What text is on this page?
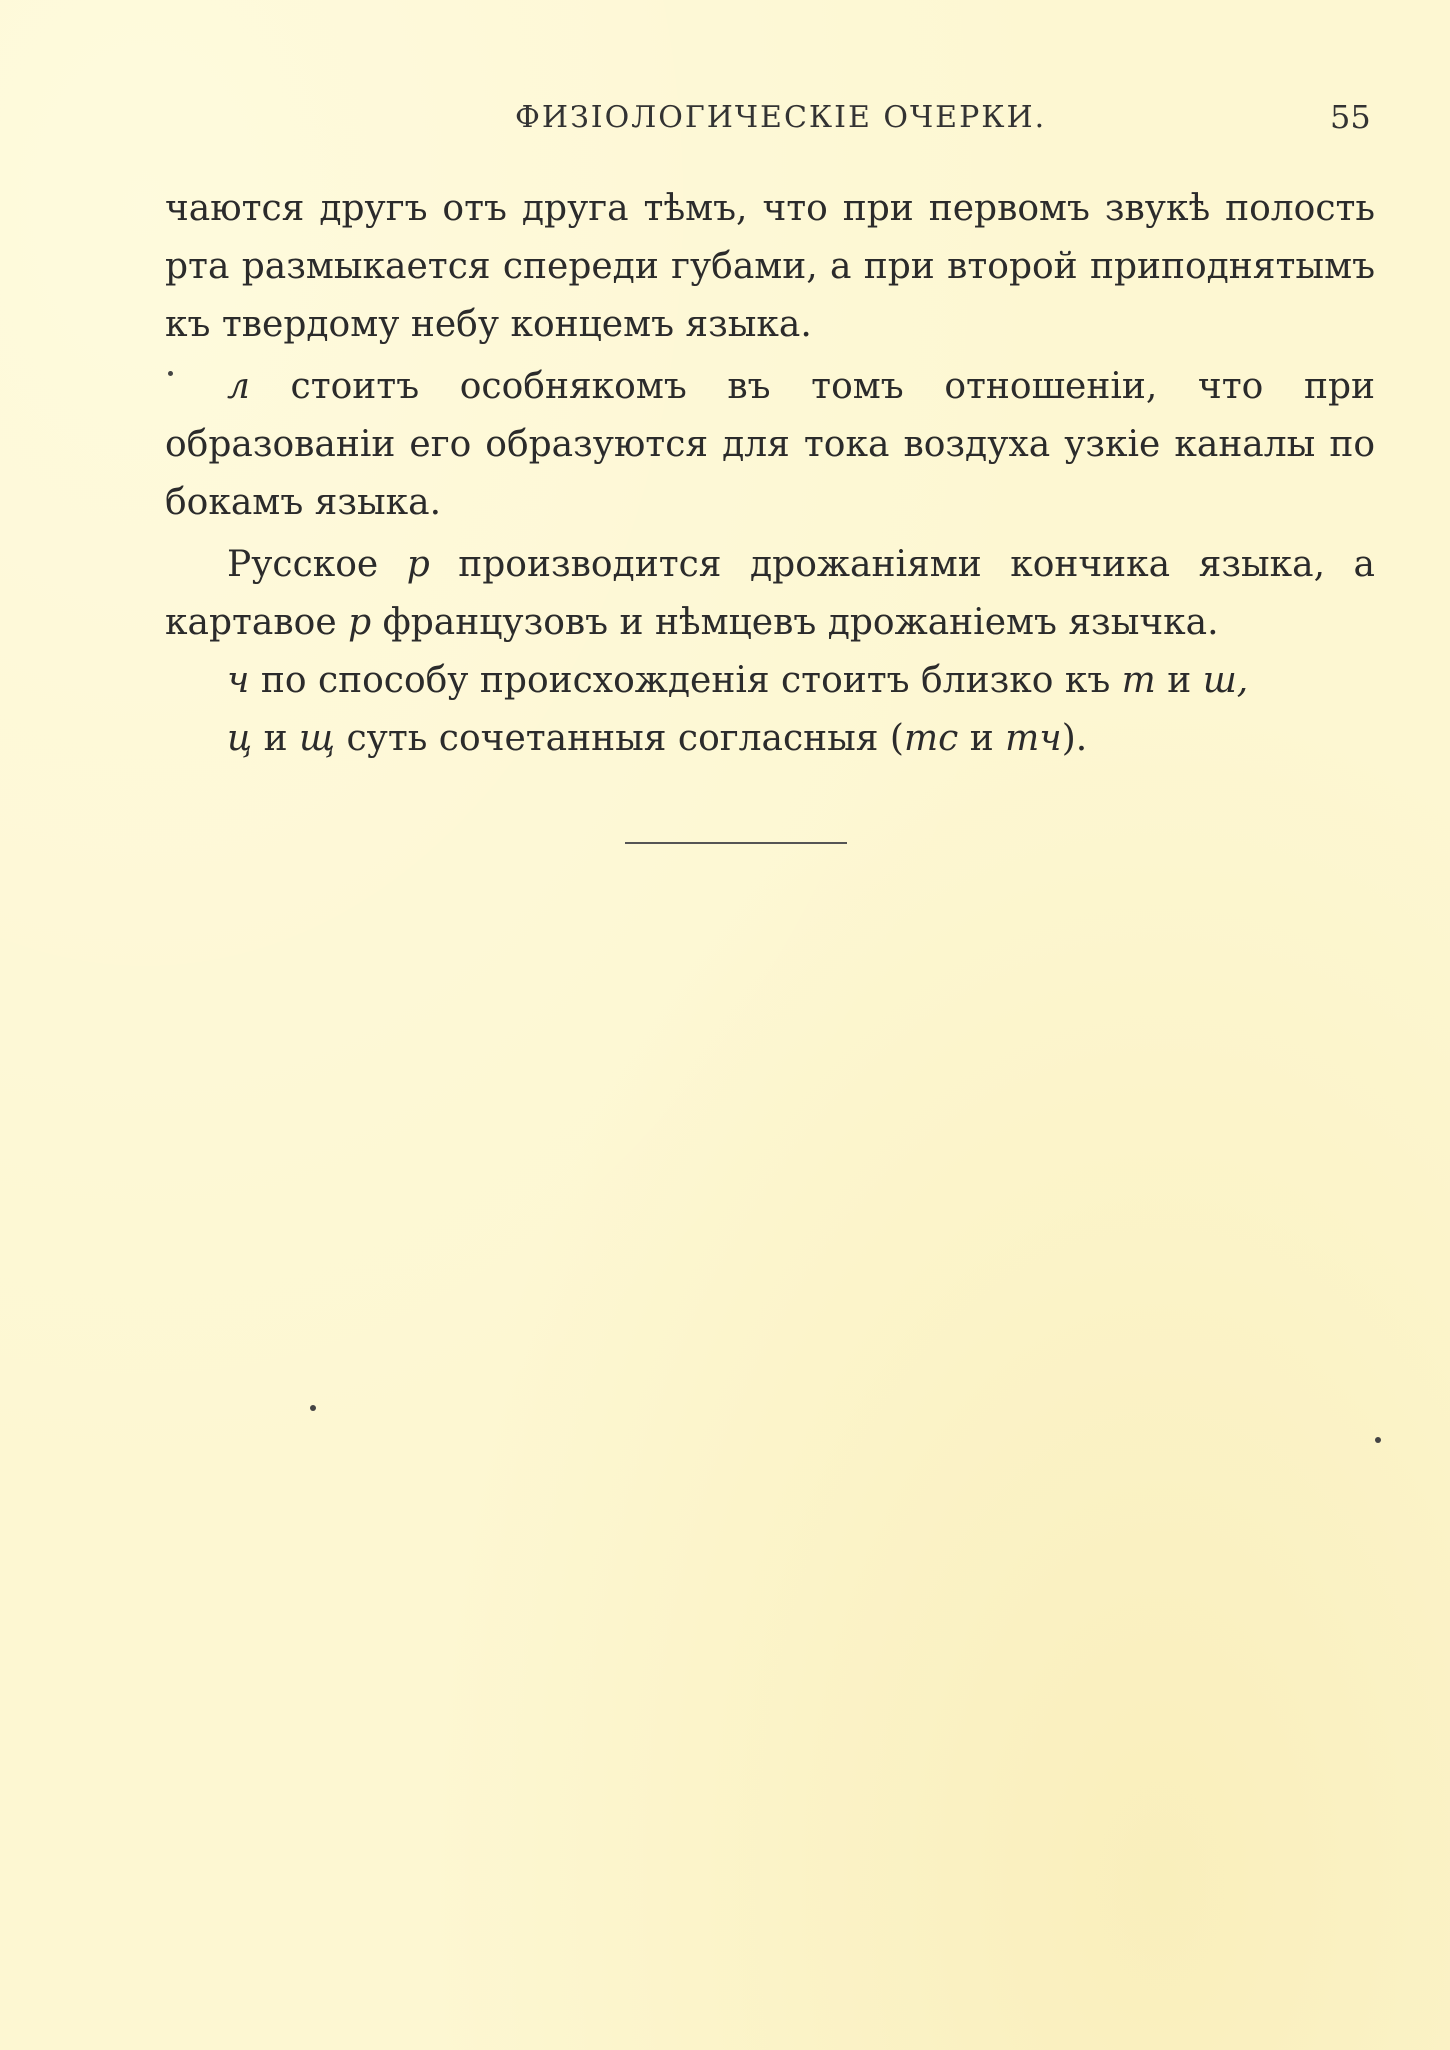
ФИЗІОЛОГИЧЕСКІЕ ОЧЕРКИ.	55

чаются другъ отъ друга тѣмъ, что при первомъ звукѣ полость рта размыкается спереди губами, а при второй приподнятымъ къ твердому небу концемъ языка.

л стоитъ особнякомъ въ томъ отношеніи, что при образованіи его образуются для тока воздуха узкіе каналы по бокамъ языка.

Русское р производится дрожаніями кончика языка, а картавое р французовъ и нѣмцевъ дрожаніемъ язычка.

ч по способу происхожденія стоитъ близко къ т и ш,

ц и щ суть сочетанныя согласныя (тс и тч).
